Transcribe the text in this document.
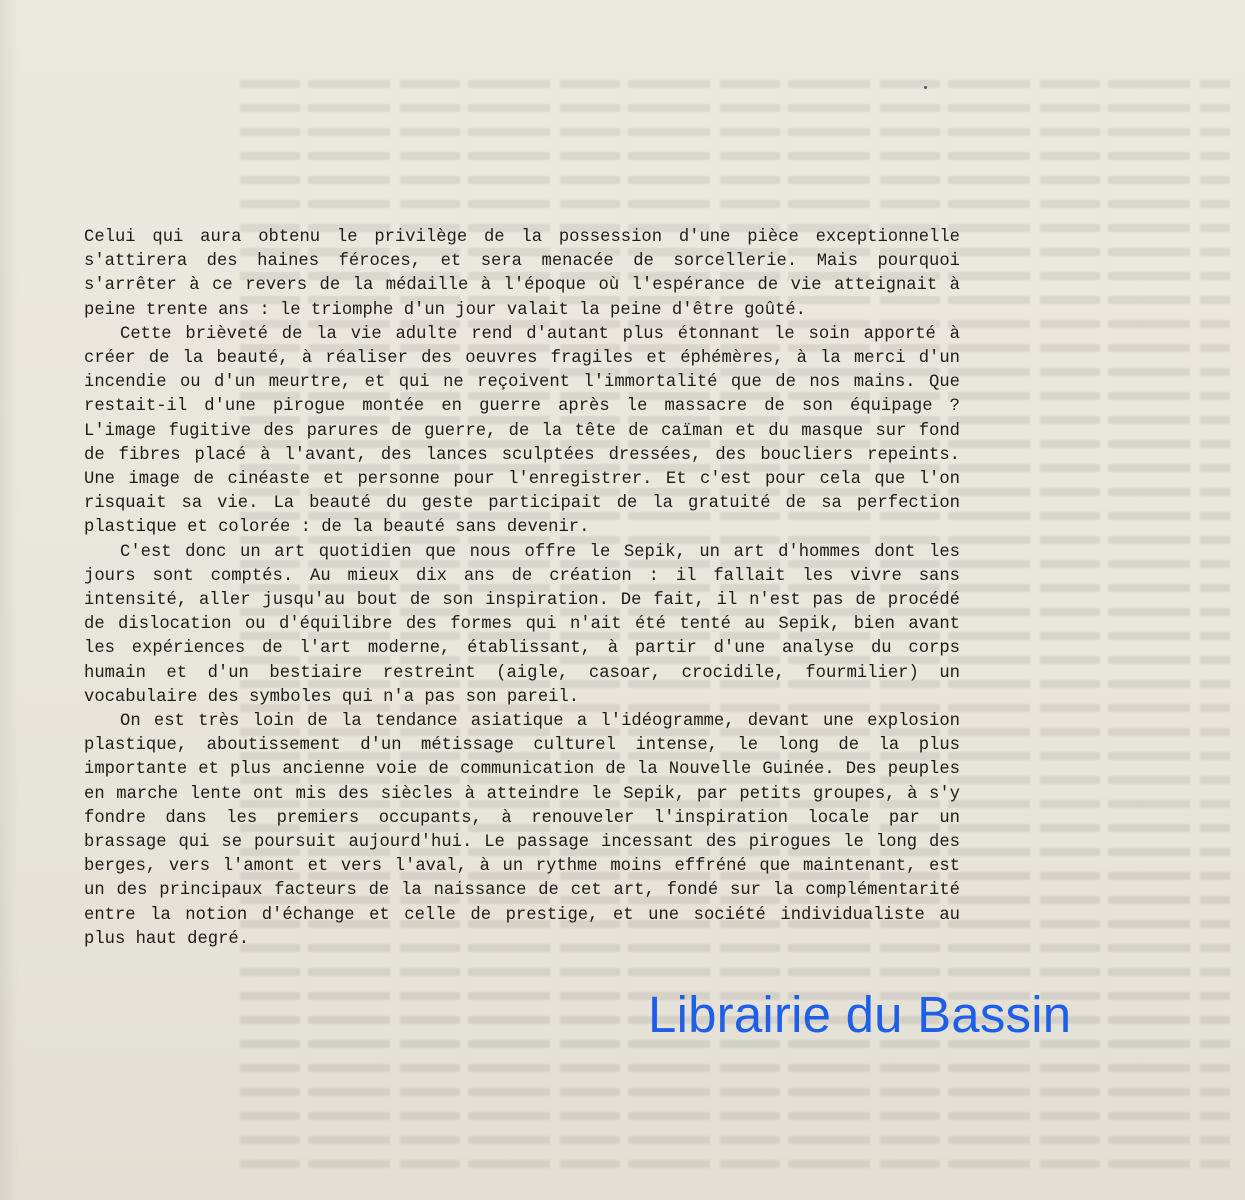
Celui qui aura obtenu le privilège de la possession d'une pièce exceptionnelle s'attirera des haines féroces, et sera menacée de sorcellerie. Mais pourquoi s'arrêter à ce revers de la médaille à l'époque où l'espérance de vie atteignait à peine trente ans : le triomphe d'un jour valait la peine d'être goûté.

Cette brièveté de la vie adulte rend d'autant plus étonnant le soin apporté à créer de la beauté, à réaliser des oeuvres fragiles et éphémères, à la merci d'un incendie ou d'un meurtre, et qui ne reçoivent l'immortalité que de nos mains. Que restait-il d'une pirogue montée en guerre après le massacre de son équipage ? L'image fugitive des parures de guerre, de la tête de caïman et du masque sur fond de fibres placé à l'avant, des lances sculptées dressées, des boucliers repeints. Une image de cinéaste et personne pour l'enregistrer. Et c'est pour cela que l'on risquait sa vie. La beauté du geste participait de la gratuité de sa perfection plastique et colorée : de la beauté sans devenir.

C'est donc un art quotidien que nous offre le Sepik, un art d'hommes dont les jours sont comptés. Au mieux dix ans de création : il fallait les vivre sans intensité, aller jusqu'au bout de son inspiration. De fait, il n'est pas de procédé de dislocation ou d'équilibre des formes qui n'ait été tenté au Sepik, bien avant les expériences de l'art moderne, établissant, à partir d'une analyse du corps humain et d'un bestiaire restreint (aigle, casoar, crocidile, fourmilier) un vocabulaire des symboles qui n'a pas son pareil.

On est très loin de la tendance asiatique a l'idéogramme, devant une explosion plastique, aboutissement d'un métissage culturel intense, le long de la plus importante et plus ancienne voie de communication de la Nouvelle Guinée. Des peuples en marche lente ont mis des siècles à atteindre le Sepik, par petits groupes, à s'y fondre dans les premiers occupants, à renouveler l'inspiration locale par un brassage qui se poursuit aujourd'hui. Le passage incessant des pirogues le long des berges, vers l'amont et vers l'aval, à un rythme moins effréné que maintenant, est un des principaux facteurs de la naissance de cet art, fondé sur la complémentarité entre la notion d'échange et celle de prestige, et une société individualiste au plus haut degré.

Librairie du Bassin
